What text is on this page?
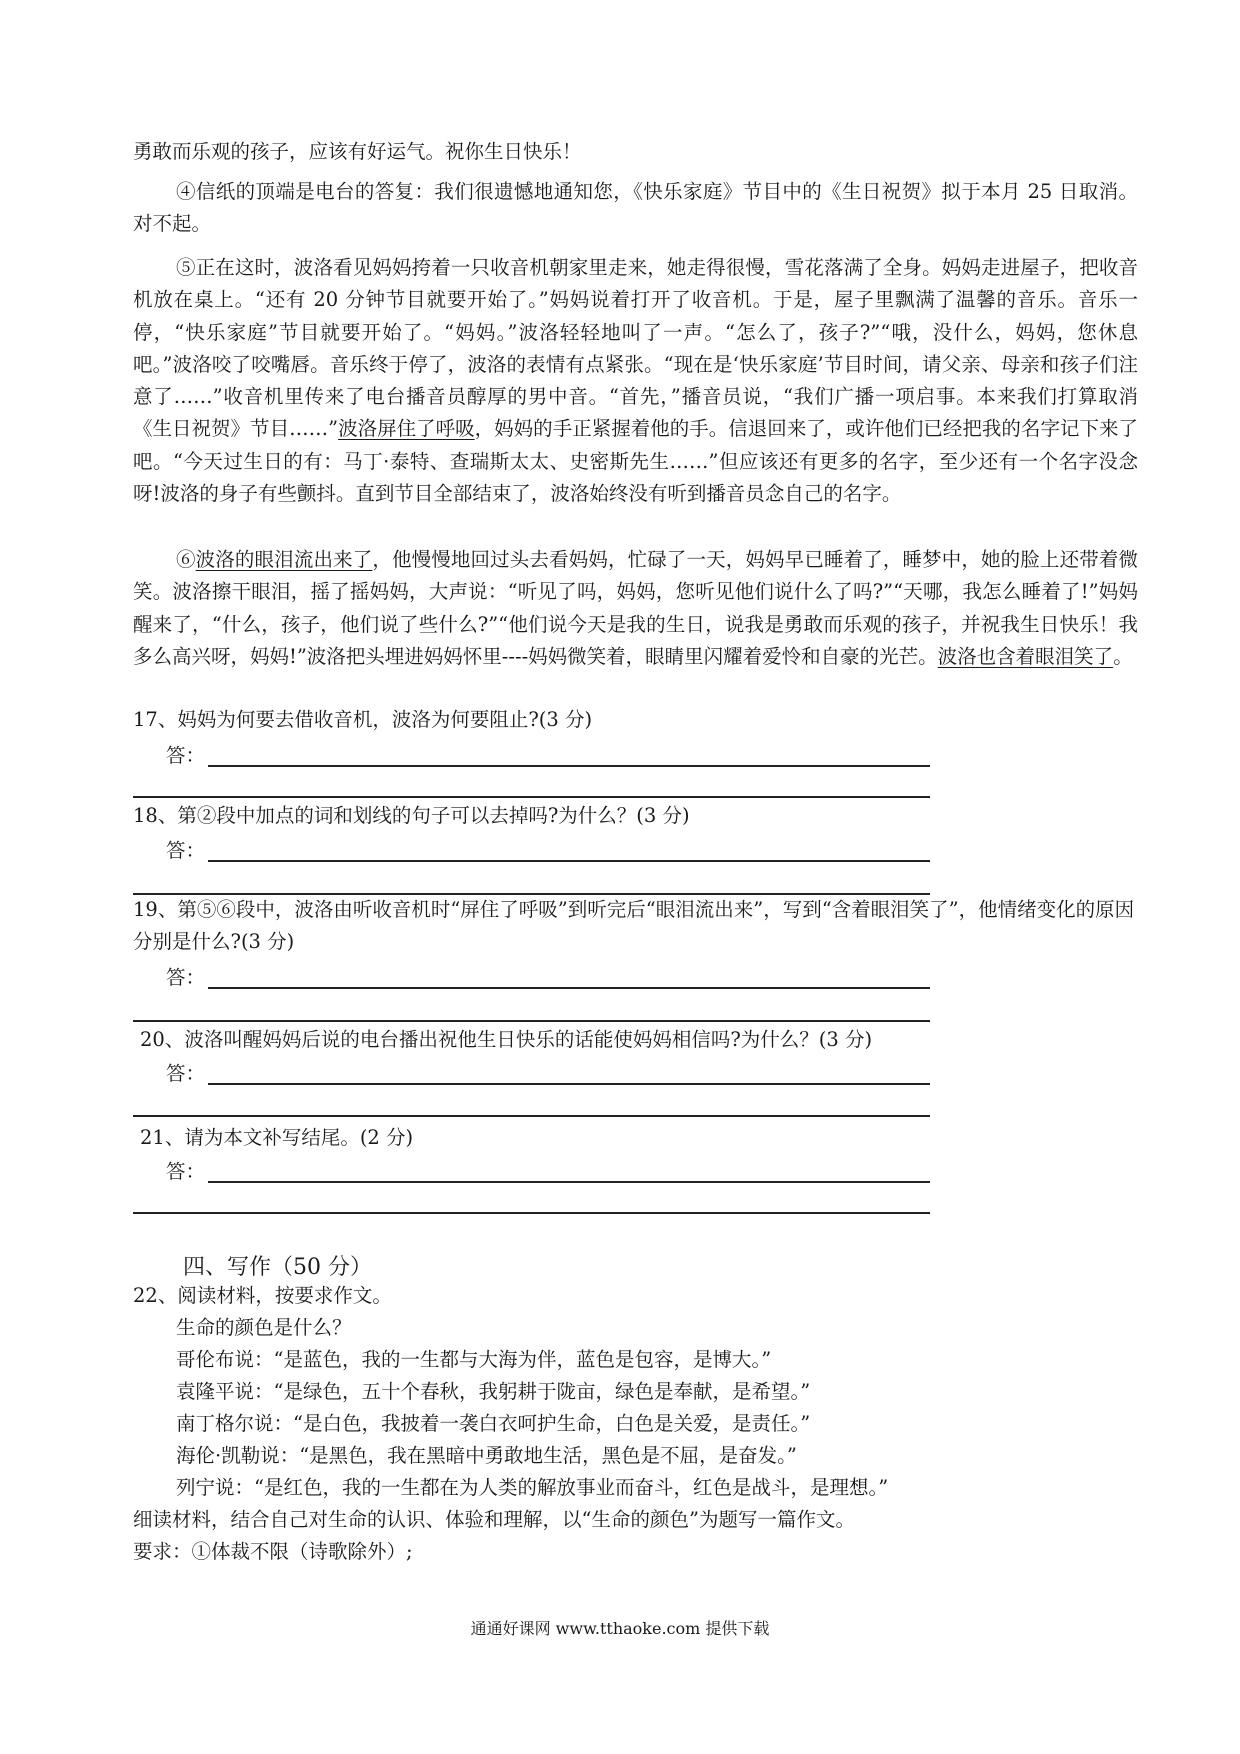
勇敢而乐观的孩子，应该有好运气。祝你生日快乐！

④信纸的顶端是电台的答复：我们很遗憾地通知您，《快乐家庭》节目中的《生日祝贺》拟于本月 25 日取消。对不起。

⑤正在这时，波洛看见妈妈挎着一只收音机朝家里走来，她走得很慢，雪花落满了全身。妈妈走进屋子，把收音机放在桌上。“还有 20 分钟节目就要开始了。”妈妈说着打开了收音机。于是，屋子里飘满了温馨的音乐。音乐一停，“快乐家庭”节目就要开始了。“妈妈。”波洛轻轻地叫了一声。“怎么了，孩子?”“哦，没什么，妈妈，您休息吧。”波洛咬了咬嘴唇。音乐终于停了，波洛的表情有点紧张。“现在是‘快乐家庭’节目时间，请父亲、母亲和孩子们注意了……”收音机里传来了电台播音员醇厚的男中音。“首先，”播音员说，“我们广播一项启事。本来我们打算取消《生日祝贺》节目……”波洛屏住了呼吸，妈妈的手正紧握着他的手。信退回来了，或许他们已经把我的名字记下来了吧。“今天过生日的有：马丁·泰特、查瑞斯太太、史密斯先生……”但应该还有更多的名字，至少还有一个名字没念呀!波洛的身子有些颤抖。直到节目全部结束了，波洛始终没有听到播音员念自己的名字。

⑥波洛的眼泪流出来了，他慢慢地回过头去看妈妈，忙碌了一天，妈妈早已睡着了，睡梦中，她的脸上还带着微笑。波洛擦干眼泪，摇了摇妈妈，大声说：“听见了吗，妈妈，您听见他们说什么了吗?”“天哪，我怎么睡着了!”妈妈醒来了，“什么，孩子，他们说了些什么?”“他们说今天是我的生日，说我是勇敢而乐观的孩子，并祝我生日快乐！我多么高兴呀，妈妈!”波洛把头埋进妈妈怀里----妈妈微笑着，眼睛里闪耀着爱怜和自豪的光芒。波洛也含着眼泪笑了。

17、妈妈为何要去借收音机，波洛为何要阻止?(3 分)

答：

18、第②段中加点的词和划线的句子可以去掉吗?为什么？(3 分)

答：

19、第⑤⑥段中，波洛由听收音机时“屏住了呼吸”到听完后“眼泪流出来”，写到“含着眼泪笑了”，他情绪变化的原因分别是什么?(3 分)

答：

20、波洛叫醒妈妈后说的电台播出祝他生日快乐的话能使妈妈相信吗?为什么？(3 分)

答：

21、请为本文补写结尾。(2 分)

答：

四、写作（50 分）

22、阅读材料，按要求作文。

生命的颜色是什么？

哥伦布说：“是蓝色，我的一生都与大海为伴，蓝色是包容，是博大。”

袁隆平说：“是绿色，五十个春秋，我躬耕于陇亩，绿色是奉献，是希望。”

南丁格尔说：“是白色，我披着一袭白衣呵护生命，白色是关爱，是责任。”

海伦·凯勒说：“是黑色，我在黑暗中勇敢地生活，黑色是不屈，是奋发。”

列宁说：“是红色，我的一生都在为人类的解放事业而奋斗，红色是战斗，是理想。”

细读材料，结合自己对生命的认识、体验和理解，以“生命的颜色”为题写一篇作文。

要求：①体裁不限（诗歌除外）;

通通好课网 www.tthaoke.com 提供下载
